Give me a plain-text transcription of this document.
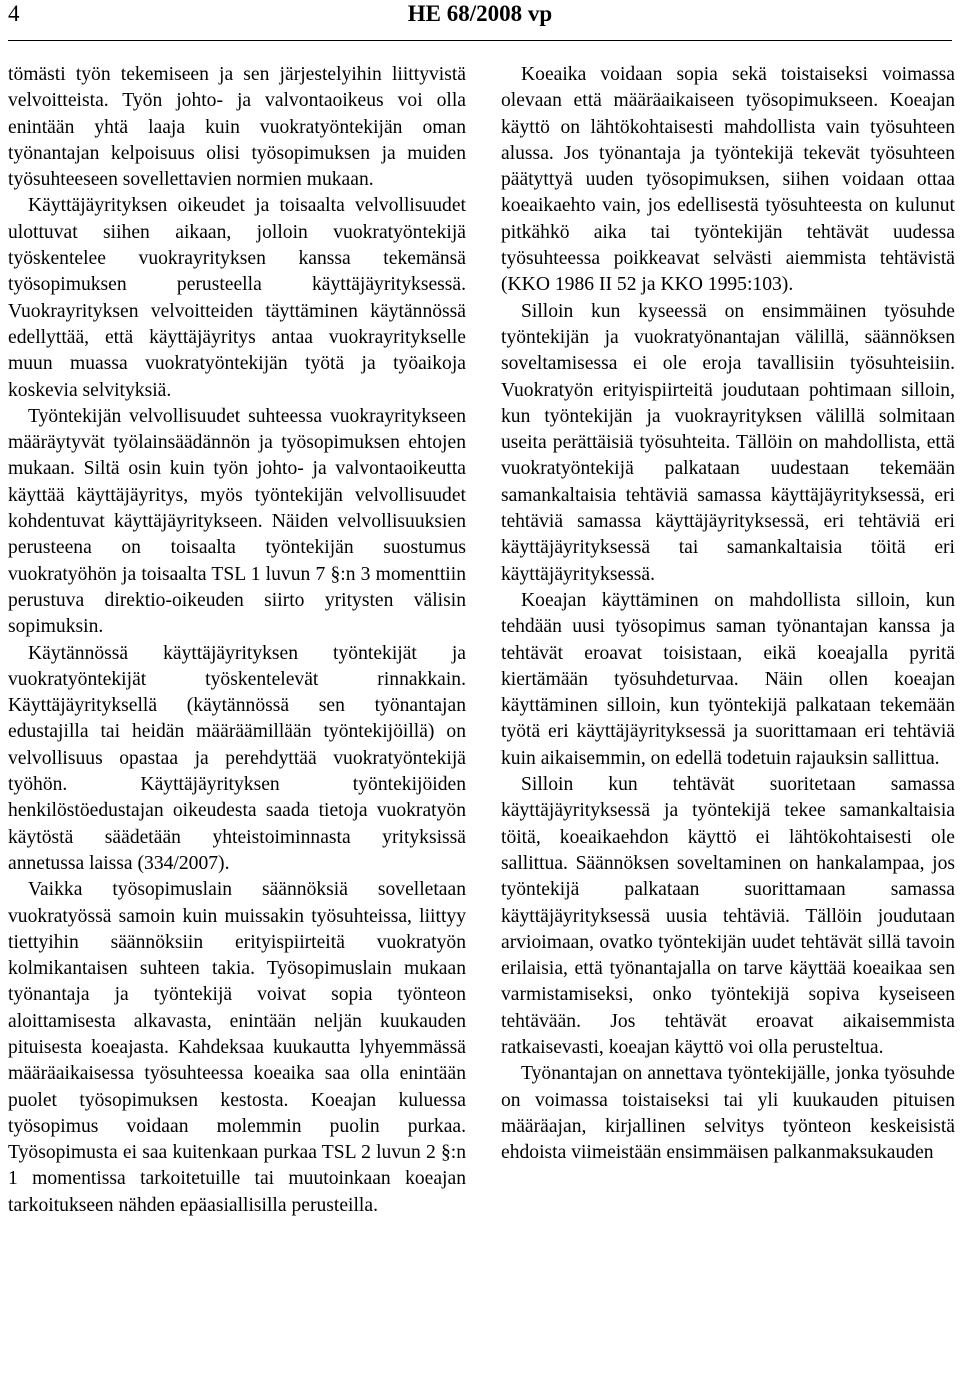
4	HE 68/2008 vp

tömästi työn tekemiseen ja sen järjestelyihin liittyvistä velvoitteista. Työn johto- ja valvontaoikeus voi olla enintään yhtä laaja kuin vuokratyöntekijän oman työnantajan kelpoisuus olisi työsopimuksen ja muiden työsuhteeseen sovellettavien normien mukaan.

Käyttäjäyrityksen oikeudet ja toisaalta velvollisuudet ulottuvat siihen aikaan, jolloin vuokratyöntekijä työskentelee vuokrayrityksen kanssa tekemänsä työsopimuksen perusteella käyttäjäyrityksessä. Vuokrayrityksen velvoitteiden täyttäminen käytännössä edellyttää, että käyttäjäyritys antaa vuokrayritykselle muun muassa vuokratyöntekijän työtä ja työaikoja koskevia selvityksiä.

Työntekijän velvollisuudet suhteessa vuokrayritykseen määräytyvät työlainsäädännön ja työsopimuksen ehtojen mukaan. Siltä osin kuin työn johto- ja valvontaoikeutta käyttää käyttäjäyritys, myös työntekijän velvollisuudet kohdentuvat käyttäjäyritykseen. Näiden velvollisuuksien perusteena on toisaalta työntekijän suostumus vuokratyöhön ja toisaalta TSL 1 luvun 7 §:n 3 momenttiin perustuva direktio-oikeuden siirto yritysten välisin sopimuksin.

Käytännössä käyttäjäyrityksen työntekijät ja vuokratyöntekijät työskentelevät rinnakkain. Käyttäjäyrityksellä (käytännössä sen työnantajan edustajilla tai heidän määräämillään työntekijöillä) on velvollisuus opastaa ja perehdyttää vuokratyöntekijä työhön. Käyttäjäyrityksen työntekijöiden henkilöstöedustajan oikeudesta saada tietoja vuokratyön käytöstä säädetään yhteistoiminnasta yrityksissä annetussa laissa (334/2007).

Vaikka työsopimuslain säännöksiä sovelletaan vuokratyössä samoin kuin muissakin työsuhteissa, liittyy tiettyihin säännöksiin erityispiirteitä vuokratyön kolmikantaisen suhteen takia. Työsopimuslain mukaan työnantaja ja työntekijä voivat sopia työnteon aloittamisesta alkavasta, enintään neljän kuukauden pituisesta koeajasta. Kahdeksaa kuukautta lyhyemmässä määräaikaisessa työsuhteessa koeaika saa olla enintään puolet työsopimuksen kestosta. Koeajan kuluessa työsopimus voidaan molemmin puolin purkaa. Työsopimusta ei saa kuitenkaan purkaa TSL 2 luvun 2 §:n 1 momentissa tarkoitetuille tai muutoinkaan koeajan tarkoitukseen nähden epäasiallisilla perusteilla.

Koeaika voidaan sopia sekä toistaiseksi voimassa olevaan että määräaikaiseen työsopimukseen. Koeajan käyttö on lähtökohtaisesti mahdollista vain työsuhteen alussa. Jos työnantaja ja työntekijä tekevät työsuhteen päätyttyä uuden työsopimuksen, siihen voidaan ottaa koeaikaehto vain, jos edellisestä työsuhteesta on kulunut pitkähkö aika tai työntekijän tehtävät uudessa työsuhteessa poikkeavat selvästi aiemmista tehtävistä (KKO 1986 II 52 ja KKO 1995:103).

Silloin kun kyseessä on ensimmäinen työsuhde työntekijän ja vuokratyönantajan välillä, säännöksen soveltamisessa ei ole eroja tavallisiin työsuhteisiin. Vuokratyön erityispiirteitä joudutaan pohtimaan silloin, kun työntekijän ja vuokrayrityksen välillä solmitaan useita perättäisiä työsuhteita. Tällöin on mahdollista, että vuokratyöntekijä palkataan uudestaan tekemään samankaltaisia tehtäviä samassa käyttäjäyrityksessä, eri tehtäviä samassa käyttäjäyrityksessä, eri tehtäviä eri käyttäjäyrityksessä tai samankaltaisia töitä eri käyttäjäyrityksessä.

Koeajan käyttäminen on mahdollista silloin, kun tehdään uusi työsopimus saman työnantajan kanssa ja tehtävät eroavat toisistaan, eikä koeajalla pyritä kiertämään työsuhdeturvaa. Näin ollen koeajan käyttäminen silloin, kun työntekijä palkataan tekemään työtä eri käyttäjäyrityksessä ja suorittamaan eri tehtäviä kuin aikaisemmin, on edellä todetuin rajauksin sallittua.

Silloin kun tehtävät suoritetaan samassa käyttäjäyrityksessä ja työntekijä tekee samankaltaisia töitä, koeaikaehdon käyttö ei lähtökohtaisesti ole sallittua. Säännöksen soveltaminen on hankalampaa, jos työntekijä palkataan suorittamaan samassa käyttäjäyrityksessä uusia tehtäviä. Tällöin joudutaan arvioimaan, ovatko työntekijän uudet tehtävät sillä tavoin erilaisia, että työnantajalla on tarve käyttää koeaikaa sen varmistamiseksi, onko työntekijä sopiva kyseiseen tehtävään. Jos tehtävät eroavat aikaisemmista ratkaisevasti, koeajan käyttö voi olla perusteltua.

Työnantajan on annettava työntekijälle, jonka työsuhde on voimassa toistaiseksi tai yli kuukauden pituisen määräajan, kirjallinen selvitys työnteon keskeisistä ehdoista viimeistään ensimmäisen palkanmaksukauden
